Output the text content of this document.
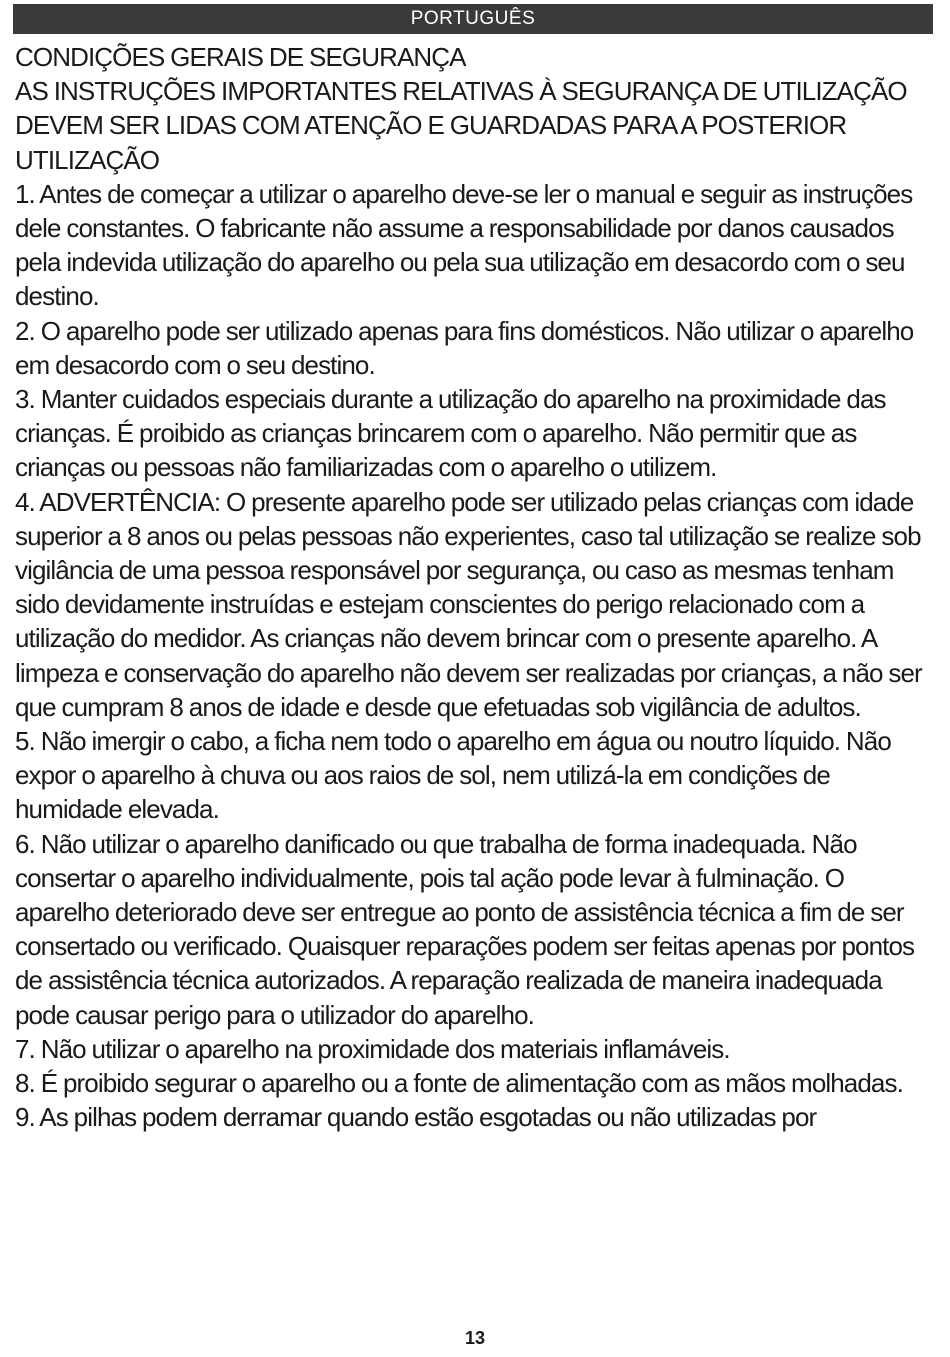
PORTUGUÊS

CONDIÇÕES GERAIS DE SEGURANÇA

AS INSTRUÇÕES IMPORTANTES RELATIVAS À SEGURANÇA DE UTILIZAÇÃO DEVEM SER LIDAS COM ATENÇÃO E GUARDADAS PARA A POSTERIOR UTILIZAÇÃO

1. Antes de começar a utilizar o aparelho deve-se ler o manual e seguir as instruções dele constantes. O fabricante não assume a responsabilidade por danos causados pela indevida utilização do aparelho ou pela sua utilização em desacordo com o seu destino.

2. O aparelho pode ser utilizado apenas para fins domésticos. Não utilizar o aparelho em desacordo com o seu destino.

3. Manter cuidados especiais durante a utilização do aparelho na proximidade das crianças. É proibido as crianças brincarem com o aparelho. Não permitir que as crianças ou pessoas não familiarizadas com o aparelho o utilizem.

4. ADVERTÊNCIA: O presente aparelho pode ser utilizado pelas crianças com idade superior a 8 anos ou pelas pessoas não experientes, caso tal utilização se realize sob vigilância de uma pessoa responsável por segurança, ou caso as mesmas tenham sido devidamente instruídas e estejam conscientes do perigo relacionado com a utilização do medidor. As crianças não devem brincar com o presente aparelho. A limpeza e conservação do aparelho não devem ser realizadas por crianças, a não ser que cumpram 8 anos de idade e desde que efetuadas sob vigilância de adultos.

5. Não imergir o cabo, a ficha nem todo o aparelho em água ou noutro líquido. Não expor o aparelho à chuva ou aos raios de sol, nem utilizá-la em condições de humidade elevada.

6. Não utilizar o aparelho danificado ou que trabalha de forma inadequada. Não consertar o aparelho individualmente, pois tal ação pode levar à fulminação. O aparelho deteriorado deve ser entregue ao ponto de assistência técnica a fim de ser consertado ou verificado. Quaisquer reparações podem ser feitas apenas por pontos de assistência técnica autorizados. A reparação realizada de maneira inadequada pode causar perigo para o utilizador do aparelho.

7. Não utilizar o aparelho na proximidade dos materiais inflamáveis.

8. É proibido segurar o aparelho ou a fonte de alimentação com as mãos molhadas.

9. As pilhas podem derramar quando estão esgotadas ou não utilizadas por

13
